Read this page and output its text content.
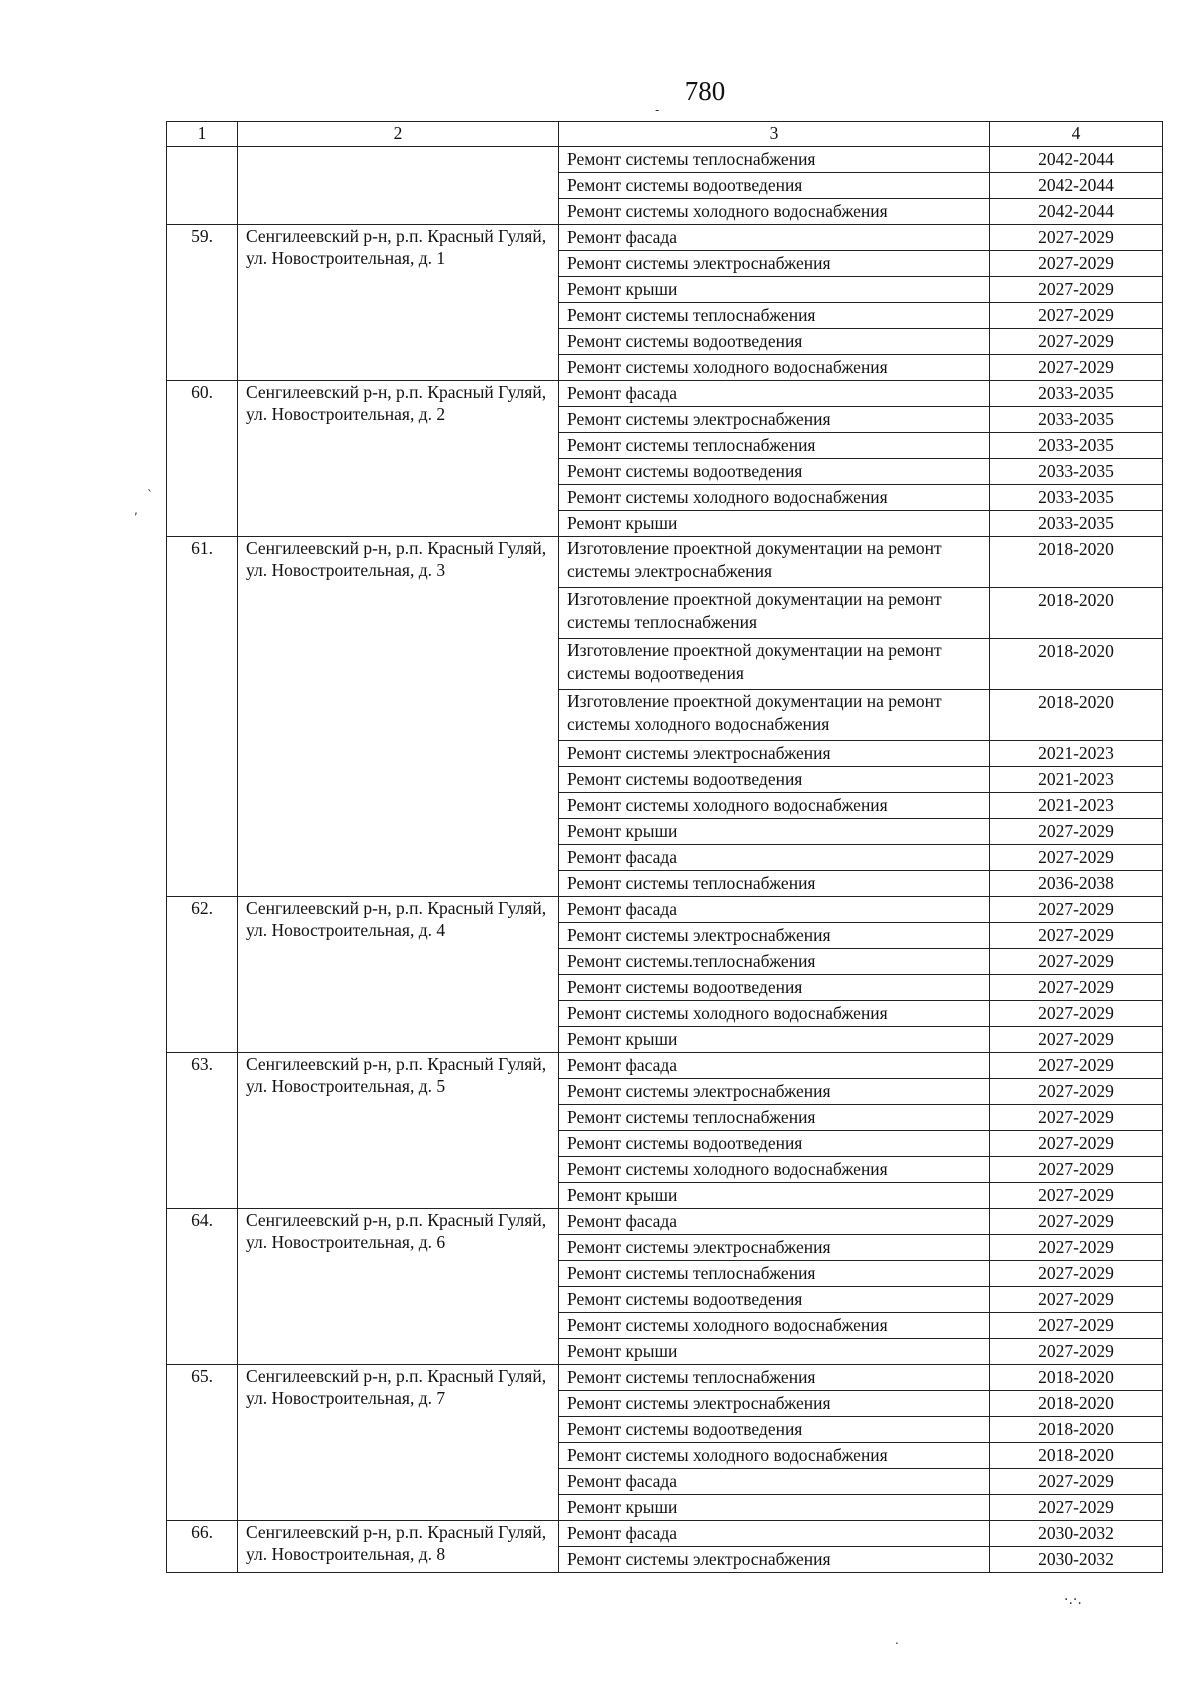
780
1	2	3	4
		Ремонт системы теплоснабжения	2042-2044
		Ремонт системы водоотведения	2042-2044
		Ремонт системы холодного водоснабжения	2042-2044
59.	Сенгилеевский р-н, р.п. Красный Гуляй, ул. Новостроительная, д. 1	Ремонт фасада	2027-2029
		Ремонт системы электроснабжения	2027-2029
		Ремонт крыши	2027-2029
		Ремонт системы теплоснабжения	2027-2029
		Ремонт системы водоотведения	2027-2029
		Ремонт системы холодного водоснабжения	2027-2029
60.	Сенгилеевский р-н, р.п. Красный Гуляй, ул. Новостроительная, д. 2	Ремонт фасада	2033-2035
		Ремонт системы электроснабжения	2033-2035
		Ремонт системы теплоснабжения	2033-2035
		Ремонт системы водоотведения	2033-2035
		Ремонт системы холодного водоснабжения	2033-2035
		Ремонт крыши	2033-2035
61.	Сенгилеевский р-н, р.п. Красный Гуляй, ул. Новостроительная, д. 3	Изготовление проектной документации на ремонт системы электроснабжения	2018-2020
		Изготовление проектной документации на ремонт системы теплоснабжения	2018-2020
		Изготовление проектной документации на ремонт системы водоотведения	2018-2020
		Изготовление проектной документации на ремонт системы холодного водоснабжения	2018-2020
		Ремонт системы электроснабжения	2021-2023
		Ремонт системы водоотведения	2021-2023
		Ремонт системы холодного водоснабжения	2021-2023
		Ремонт крыши	2027-2029
		Ремонт фасада	2027-2029
		Ремонт системы теплоснабжения	2036-2038
62.	Сенгилеевский р-н, р.п. Красный Гуляй, ул. Новостроительная, д. 4	Ремонт фасада	2027-2029
		Ремонт системы электроснабжения	2027-2029
		Ремонт системы.теплоснабжения	2027-2029
		Ремонт системы водоотведения	2027-2029
		Ремонт системы холодного водоснабжения	2027-2029
		Ремонт крыши	2027-2029
63.	Сенгилеевский р-н, р.п. Красный Гуляй, ул. Новостроительная, д. 5	Ремонт фасада	2027-2029
		Ремонт системы электроснабжения	2027-2029
		Ремонт системы теплоснабжения	2027-2029
		Ремонт системы водоотведения	2027-2029
		Ремонт системы холодного водоснабжения	2027-2029
		Ремонт крыши	2027-2029
64.	Сенгилеевский р-н, р.п. Красный Гуляй, ул. Новостроительная, д. 6	Ремонт фасада	2027-2029
		Ремонт системы электроснабжения	2027-2029
		Ремонт системы теплоснабжения	2027-2029
		Ремонт системы водоотведения	2027-2029
		Ремонт системы холодного водоснабжения	2027-2029
		Ремонт крыши	2027-2029
65.	Сенгилеевский р-н, р.п. Красный Гуляй, ул. Новостроительная, д. 7	Ремонт системы теплоснабжения	2018-2020
		Ремонт системы электроснабжения	2018-2020
		Ремонт системы водоотведения	2018-2020
		Ремонт системы холодного водоснабжения	2018-2020
		Ремонт фасада	2027-2029
		Ремонт крыши	2027-2029
66.	Сенгилеевский р-н, р.п. Красный Гуляй, ул. Новостроительная, д. 8	Ремонт фасада	2030-2032
		Ремонт системы электроснабжения	2030-2032
`
,
-
·.·.
.
